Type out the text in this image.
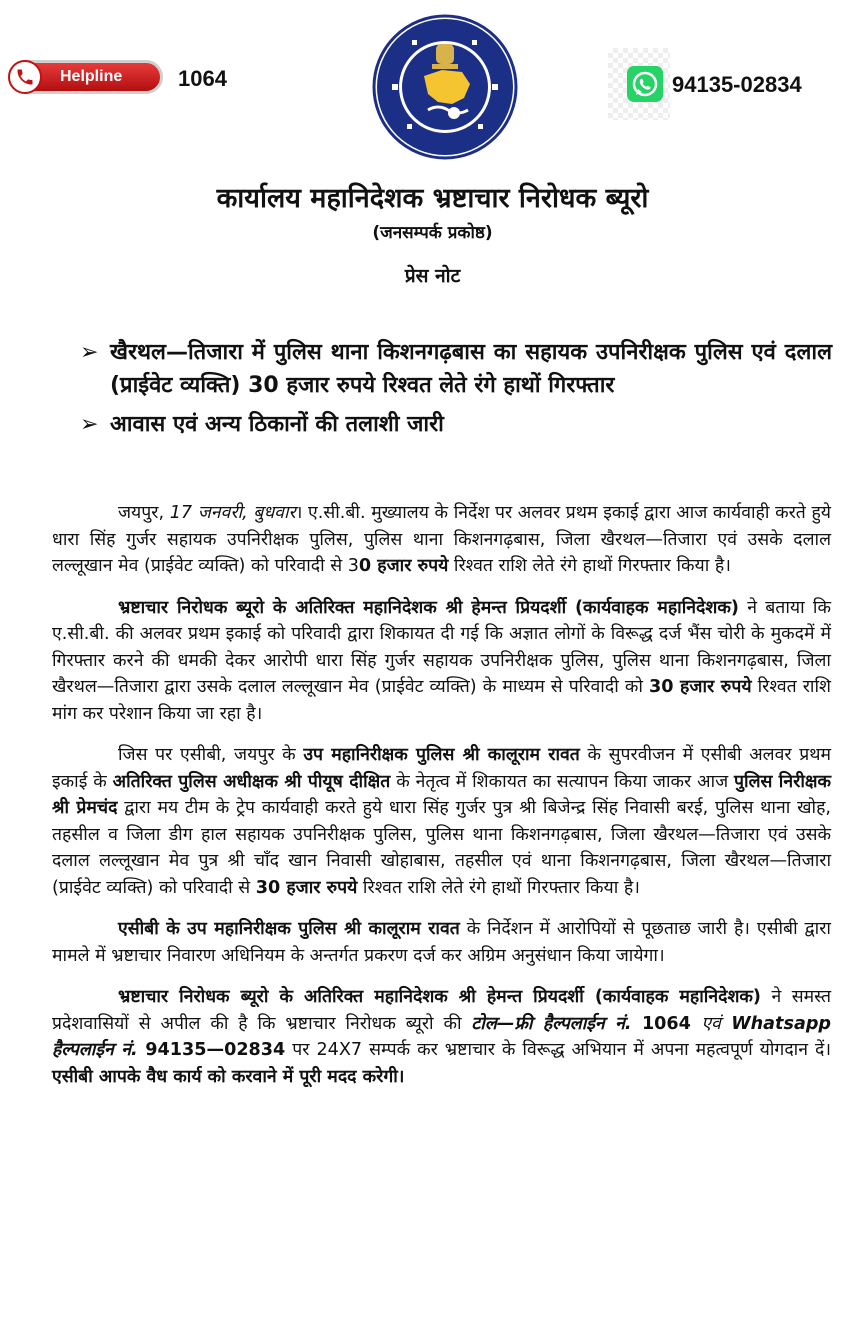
Helpline	1064	94135-02834
कार्यालय महानिदेशक भ्रष्टाचार निरोधक ब्यूरो
(जनसम्पर्क प्रकोष्ठ)
प्रेस नोट
➢ खैरथल—तिजारा में पुलिस थाना किशनगढ़बास का सहायक उपनिरीक्षक पुलिस एवं दलाल (प्राईवेट व्यक्ति) 30 हजार रुपये रिश्वत लेते रंगे हाथों गिरफ्तार
➢ आवास एवं अन्य ठिकानों की तलाशी जारी

जयपुर, 17 जनवरी, बुधवार। ए.सी.बी. मुख्यालय के निर्देश पर अलवर प्रथम इकाई द्वारा आज कार्यवाही करते हुये धारा सिंह गुर्जर सहायक उपनिरीक्षक पुलिस, पुलिस थाना किशनगढ़बास, जिला खैरथल—तिजारा एवं उसके दलाल लल्लूखान मेव (प्राईवेट व्यक्ति) को परिवादी से 30 हजार रुपये रिश्वत राशि लेते रंगे हाथों गिरफ्तार किया है।

भ्रष्टाचार निरोधक ब्यूरो के अतिरिक्त महानिदेशक श्री हेमन्त प्रियदर्शी (कार्यवाहक महानिदेशक) ने बताया कि ए.सी.बी. की अलवर प्रथम इकाई को परिवादी द्वारा शिकायत दी गई कि अज्ञात लोगों के विरूद्ध दर्ज भैंस चोरी के मुकदमें में गिरफ्तार करने की धमकी देकर आरोपी धारा सिंह गुर्जर सहायक उपनिरीक्षक पुलिस, पुलिस थाना किशनगढ़बास, जिला खैरथल—तिजारा द्वारा उसके दलाल लल्लूखान मेव (प्राईवेट व्यक्ति) के माध्यम से परिवादी को 30 हजार रुपये रिश्वत राशि मांग कर परेशान किया जा रहा है।

जिस पर एसीबी, जयपुर के उप महानिरीक्षक पुलिस श्री कालूराम रावत के सुपरवीजन में एसीबी अलवर प्रथम इकाई के अतिरिक्त पुलिस अधीक्षक श्री पीयूष दीक्षित के नेतृत्व में शिकायत का सत्यापन किया जाकर आज पुलिस निरीक्षक श्री प्रेमचंद द्वारा मय टीम के ट्रेप कार्यवाही करते हुये धारा सिंह गुर्जर पुत्र श्री बिजेन्द्र सिंह निवासी बरई, पुलिस थाना खोह, तहसील व जिला डीग हाल सहायक उपनिरीक्षक पुलिस, पुलिस थाना किशनगढ़बास, जिला खैरथल—तिजारा एवं उसके दलाल लल्लूखान मेव पुत्र श्री चाँद खान निवासी खोहाबास, तहसील एवं थाना किशनगढ़बास, जिला खैरथल—तिजारा (प्राईवेट व्यक्ति) को परिवादी से 30 हजार रुपये रिश्वत राशि लेते रंगे हाथों गिरफ्तार किया है।

एसीबी के उप महानिरीक्षक पुलिस श्री कालूराम रावत के निर्देशन में आरोपियों से पूछताछ जारी है। एसीबी द्वारा मामले में भ्रष्टाचार निवारण अधिनियम के अन्तर्गत प्रकरण दर्ज कर अग्रिम अनुसंधान किया जायेगा।

भ्रष्टाचार निरोधक ब्यूरो के अतिरिक्त महानिदेशक श्री हेमन्त प्रियदर्शी (कार्यवाहक महानिदेशक) ने समस्त प्रदेशवासियों से अपील की है कि भ्रष्टाचार निरोधक ब्यूरो की टोल—फ्री हैल्पलाईन नं. 1064 एवं Whatsapp हैल्पलाईन नं. 94135—02834 पर 24X7 सम्पर्क कर भ्रष्टाचार के विरूद्ध अभियान में अपना महत्वपूर्ण योगदान दें। एसीबी आपके वैध कार्य को करवाने में पूरी मदद करेगी।
